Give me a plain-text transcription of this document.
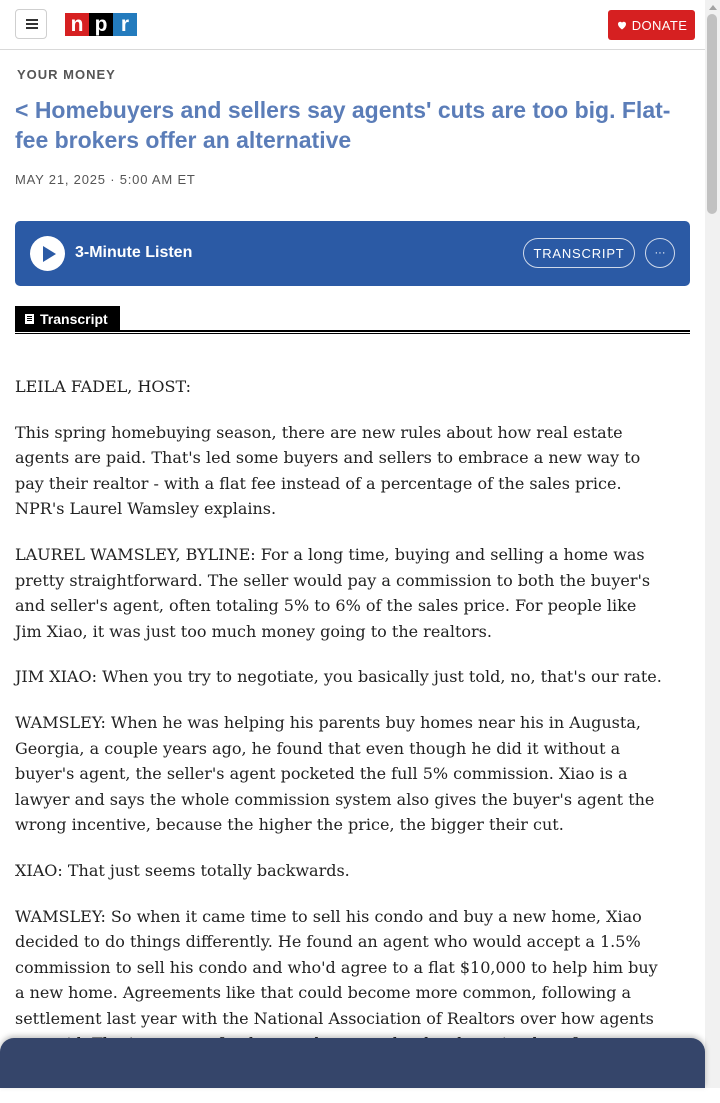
n p r	DONATE
YOUR MONEY
< Homebuyers and sellers say agents' cuts are too big. Flat-fee brokers offer an alternative
MAY 21, 2025 · 5:00 AM ET
3-Minute Listen	TRANSCRIPT	···
Transcript

LEILA FADEL, HOST:

This spring homebuying season, there are new rules about how real estate agents are paid. That's led some buyers and sellers to embrace a new way to pay their realtor - with a flat fee instead of a percentage of the sales price. NPR's Laurel Wamsley explains.

LAUREL WAMSLEY, BYLINE: For a long time, buying and selling a home was pretty straightforward. The seller would pay a commission to both the buyer's and seller's agent, often totaling 5% to 6% of the sales price. For people like Jim Xiao, it was just too much money going to the realtors.

JIM XIAO: When you try to negotiate, you basically just told, no, that's our rate.

WAMSLEY: When he was helping his parents buy homes near his in Augusta, Georgia, a couple years ago, he found that even though he did it without a buyer's agent, the seller's agent pocketed the full 5% commission. Xiao is a lawyer and says the whole commission system also gives the buyer's agent the wrong incentive, because the higher the price, the bigger their cut.

XIAO: That just seems totally backwards.

WAMSLEY: So when it came time to sell his condo and buy a new home, Xiao decided to do things differently. He found an agent who would accept a 1.5% commission to sell his condo and who'd agree to a flat $10,000 to help him buy a new home. Agreements like that could become more common, following a settlement last year with the National Association of Realtors over how agents
